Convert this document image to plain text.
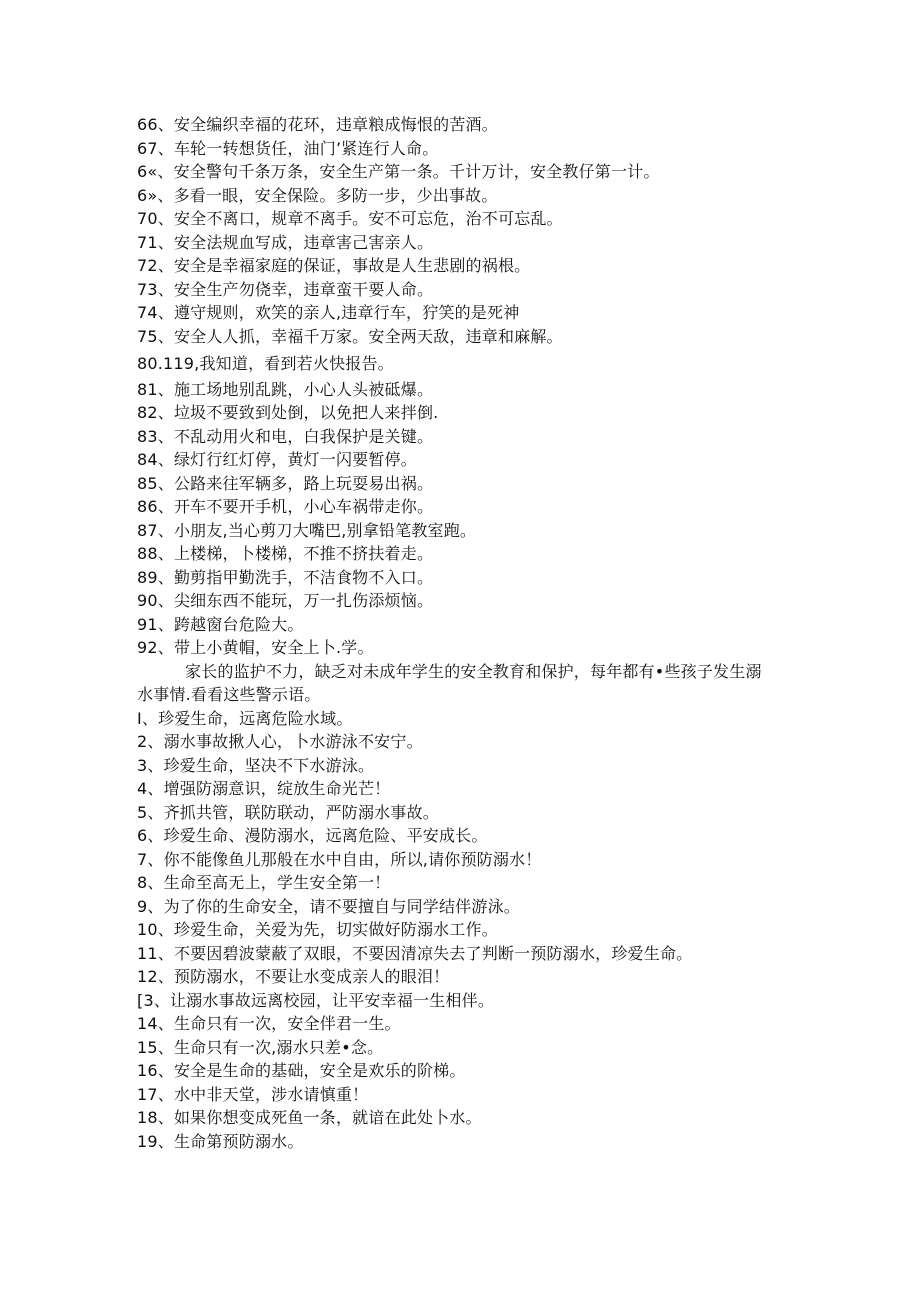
66、安全编织幸福的花环，违章粮成悔恨的苦酒。
67、车轮一转想货任，油门’紧连行人命。
6«、安全警句千条万条，安全生产第一条。千计万计，安全教仔第一计。
6»、多看一眼，安全保险。多防一步，少出事故。
70、安全不离口，规章不离手。安不可忘危，治不可忘乱。
71、安全法规血写成，违章害己害亲人。
72、安全是幸福家庭的保证，事故是人生悲剧的祸根。
73、安全生产勿侥幸，违章蛮干要人命。
74、遵守规则，欢笑的亲人,违章行车，狞笑的是死神
75、安全人人抓，幸福千万家。安全两天敌，违章和麻解。
80.119,我知道，看到若火快报告。
81、施工场地别乱跳，小心人头被砥爆。
82、垃圾不要致到处倒，以免把人来拌倒.
83、不乱动用火和电，白我保护是关键。
84、绿灯行红灯停，黄灯一闪要暂停。
85、公路来往军辆多，路上玩耍易出祸。
86、开车不要开手机，小心车祸带走你。
87、小朋友,当心剪刀大嘴巴,别拿铅笔教室跑。
88、上楼梯，卜楼梯，不推不挤扶着走。
89、勤剪指甲勤洗手，不洁食物不入口。
90、尖细东西不能玩，万一扎伤添烦恼。
91、跨越窗台危险大。
92、带上小黄帽，安全上卜.学。
家长的监护不力，缺乏对未成年学生的安全教育和保护，每年都有•些孩子发生溺水事情.看看这些警示语。
I、珍爱生命，远离危险水域。
2、溺水事故揪人心，卜水游泳不安宁。
3、珍爱生命，坚决不下水游泳。
4、增强防溺意识，绽放生命光芒！
5、齐抓共管，联防联动，严防溺水事故。
6、珍爱生命、漫防溺水，远离危险、平安成长。
7、你不能像鱼儿那般在水中自由，所以,请你预防溺水！
8、生命至高无上，学生安全第一！
9、为了你的生命安全，请不要擅自与同学结伴游泳。
10、珍爱生命，关爱为先，切实做好防溺水工作。
11、不要因碧波蒙蔽了双眼，不要因清凉失去了判断一预防溺水，珍爱生命。
12、预防溺水，不要让水变成亲人的眼泪！
[3、让溺水事故远离校园，让平安幸福一生相伴。
14、生命只有一次，安全伴君一生。
15、生命只有一次,溺水只差•念。
16、安全是生命的基础，安全是欢乐的阶梯。
17、水中非天堂，涉水请慎重！
18、如果你想变成死鱼一条，就谙在此处卜水。
19、生命第预防溺水。
